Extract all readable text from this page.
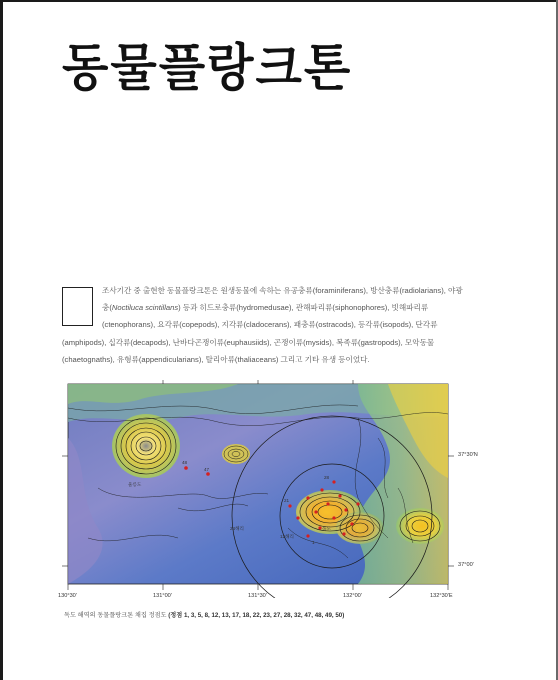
동물플랑크톤
조사기간 중 출현한 동물플랑크톤은 원생동물에 속하는 유공충류(foraminiferans), 방산충류(radiolarians), 야광
충(Noctiluca scintillans) 등과 히드로충류(hydromedusae), 관해파리류(siphonophores), 빗해파리류
(ctenophorans), 요각류(copepods), 지각류(cladocerans), 패충류(ostracods), 등각류(isopods), 단각류
(amphipods), 십각류(decapods), 난바다곤쟁이류(euphausiids), 곤쟁이류(mysids), 복족류(gastropods), 모악동물
(chaetognaths), 유형류(appendicularians), 탈리아류(thaliaceans) 그리고 기타 유생 등이었다.
48
47
21
28
1
울릉도
독도
24해리
12해리
130°30'	131°00'	131°30'	132°00'	132°30'E
37°30'N
37°00'
독도 해역의 동물플랑크톤 채집 정점도 (정점 1, 3, 5, 8, 12, 13, 17, 18, 22, 23, 27, 28, 32, 47, 48, 49, 50)
